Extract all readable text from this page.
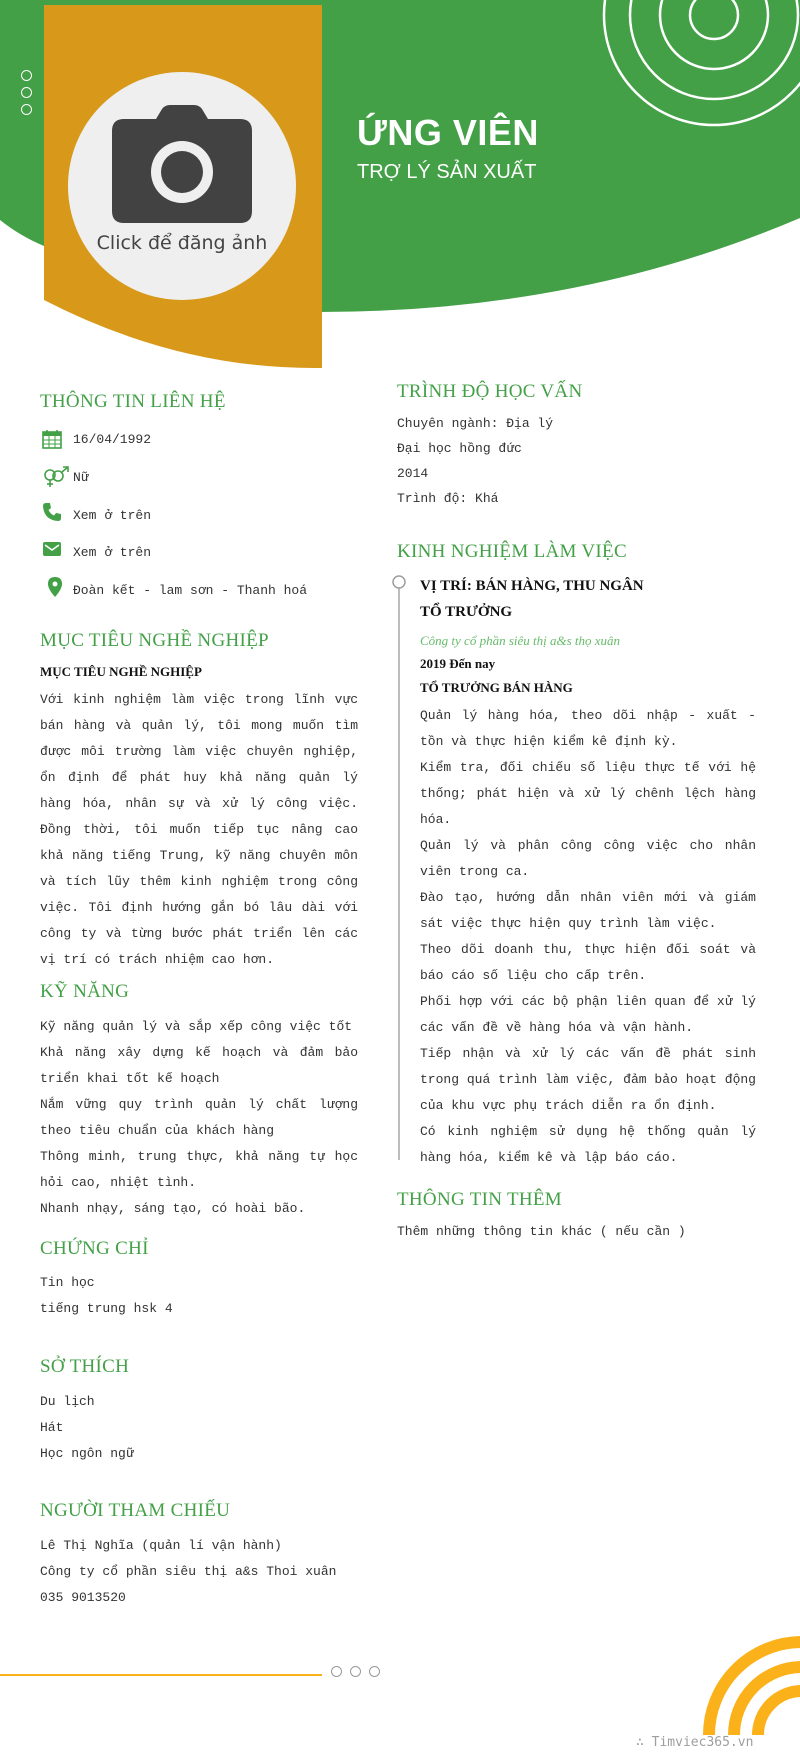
Click để đăng ảnh
ỨNG VIÊN
TRỢ LÝ SẢN XUẤT
THÔNG TIN LIÊN HỆ
16/04/1992
Nữ
Xem ở trên
Xem ở trên
Đoàn kết - lam sơn - Thanh hoá
MỤC TIÊU NGHỀ NGHIỆP
MỤC TIÊU NGHỀ NGHIỆP
Với kinh nghiệm làm việc trong lĩnh vực bán hàng và quản lý, tôi mong muốn tìm được môi trường làm việc chuyên nghiệp, ổn định để phát huy khả năng quản lý hàng hóa, nhân sự và xử lý công việc. Đồng thời, tôi muốn tiếp tục nâng cao khả năng tiếng Trung, kỹ năng chuyên môn và tích lũy thêm kinh nghiệm trong công việc. Tôi định hướng gắn bó lâu dài với công ty và từng bước phát triển lên các vị trí có trách nhiệm cao hơn.
KỸ NĂNG
Kỹ năng quản lý và sắp xếp công việc tốt
Khả năng xây dựng kế hoạch và đảm bảo triển khai tốt kế hoạch
Nắm vững quy trình quản lý chất lượng theo tiêu chuẩn của khách hàng
Thông minh, trung thực, khả năng tự học hỏi cao, nhiệt tình.
Nhanh nhạy, sáng tạo, có hoài bão.
CHỨNG CHỈ
Tin học
tiếng trung hsk 4
SỞ THÍCH
Du lịch
Hát
Học ngôn ngữ
NGƯỜI THAM CHIẾU
Lê Thị Nghĩa (quản lí vận hành)
Công ty cổ phần siêu thị a&s Thoi xuân
035 9013520
TRÌNH ĐỘ HỌC VẤN
Chuyên ngành: Địa lý
Đại học hồng đức
2014
Trình độ: Khá
KINH NGHIỆM LÀM VIỆC
VỊ TRÍ: BÁN HÀNG, THU NGÂN
TỔ TRƯỞNG
Công ty cổ phần siêu thị a&s thọ xuân
2019 Đến nay
TỔ TRƯỞNG BÁN HÀNG
Quản lý hàng hóa, theo dõi nhập - xuất - tồn và thực hiện kiểm kê định kỳ.
Kiểm tra, đối chiếu số liệu thực tế với hệ thống; phát hiện và xử lý chênh lệch hàng hóa.
Quản lý và phân công công việc cho nhân viên trong ca.
Đào tạo, hướng dẫn nhân viên mới và giám sát việc thực hiện quy trình làm việc.
Theo dõi doanh thu, thực hiện đối soát và báo cáo số liệu cho cấp trên.
Phối hợp với các bộ phận liên quan để xử lý các vấn đề về hàng hóa và vận hành.
Tiếp nhận và xử lý các vấn đề phát sinh trong quá trình làm việc, đảm bảo hoạt động của khu vực phụ trách diễn ra ổn định.
Có kinh nghiệm sử dụng hệ thống quản lý hàng hóa, kiểm kê và lập báo cáo.
THÔNG TIN THÊM
Thêm những thông tin khác ( nếu cần )
∴ Timviec365.vn
